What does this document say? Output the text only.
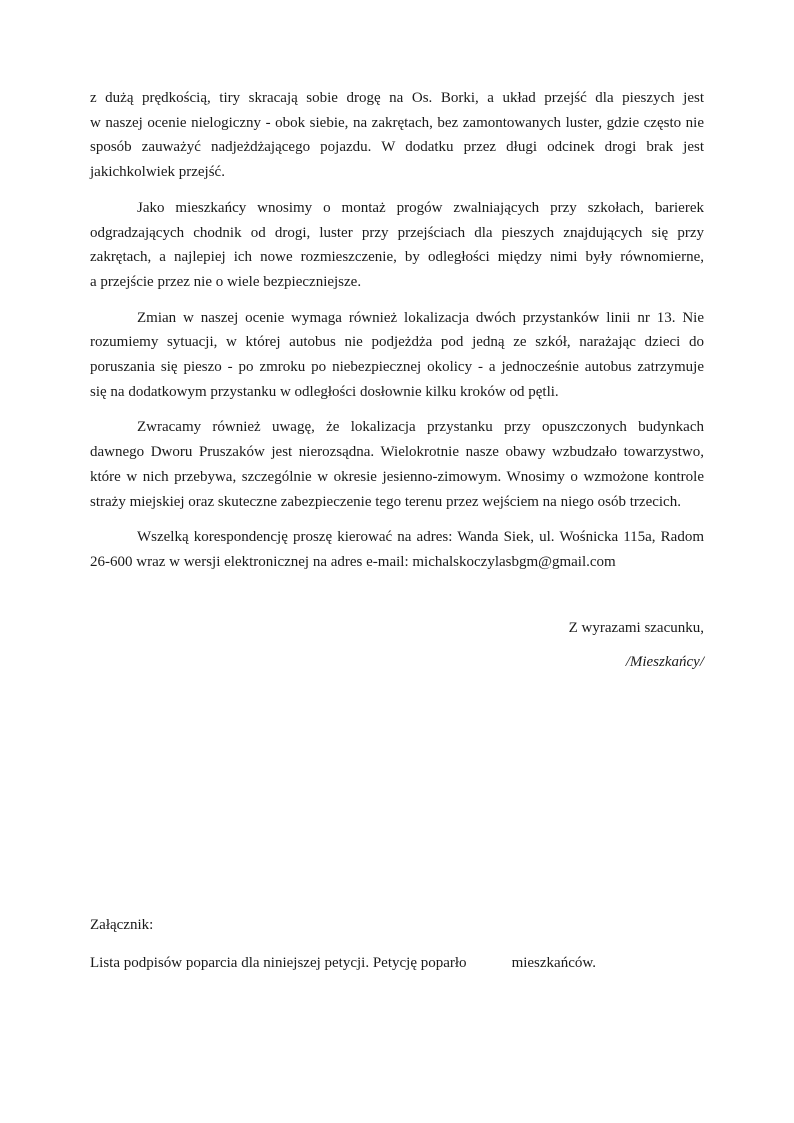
z dużą prędkością, tiry skracają sobie drogę na Os. Borki, a układ przejść dla pieszych jest
w naszej ocenie nielogiczny - obok siebie, na zakrętach, bez zamontowanych luster, gdzie często nie
sposób zauważyć nadjeżdżającego pojazdu. W dodatku przez długi odcinek drogi brak jest
jakichkolwiek przejść.
Jako mieszkańcy wnosimy o montaż progów zwalniających przy szkołach, barierek
odgradzających chodnik od drogi, luster przy przejściach dla pieszych znajdujących się przy
zakrętach, a najlepiej ich nowe rozmieszczenie, by odległości między nimi były równomierne,
a przejście przez nie o wiele bezpieczniejsze.
Zmian w naszej ocenie wymaga również lokalizacja dwóch przystanków linii nr 13. Nie
rozumiemy sytuacji, w której autobus nie podjeżdża pod jedną ze szkół, narażając dzieci do
poruszania się pieszo - po zmroku po niebezpiecznej okolicy - a jednocześnie autobus zatrzymuje
się na dodatkowym przystanku w odległości dosłownie kilku kroków od pętli.
Zwracamy również uwagę, że lokalizacja przystanku przy opuszczonych budynkach
dawnego Dworu Pruszaków jest nierozsądna. Wielokrotnie nasze obawy wzbudzało towarzystwo,
które w nich przebywa, szczególnie w okresie jesienno-zimowym. Wnosimy o wzmożone kontrole
straży miejskiej oraz skuteczne zabezpieczenie tego terenu przez wejściem na niego osób trzecich.
Wszelką korespondencję proszę kierować na adres: Wanda Siek, ul. Wośnicka 115a, Radom
26-600 wraz w wersji elektronicznej na adres e-mail: michalskoczylasbgm@gmail.com
Z wyrazami szacunku,
/Mieszkańcy/
Załącznik:
Lista podpisów poparcia dla niniejszej petycji. Petycję poparło	mieszkańców.
